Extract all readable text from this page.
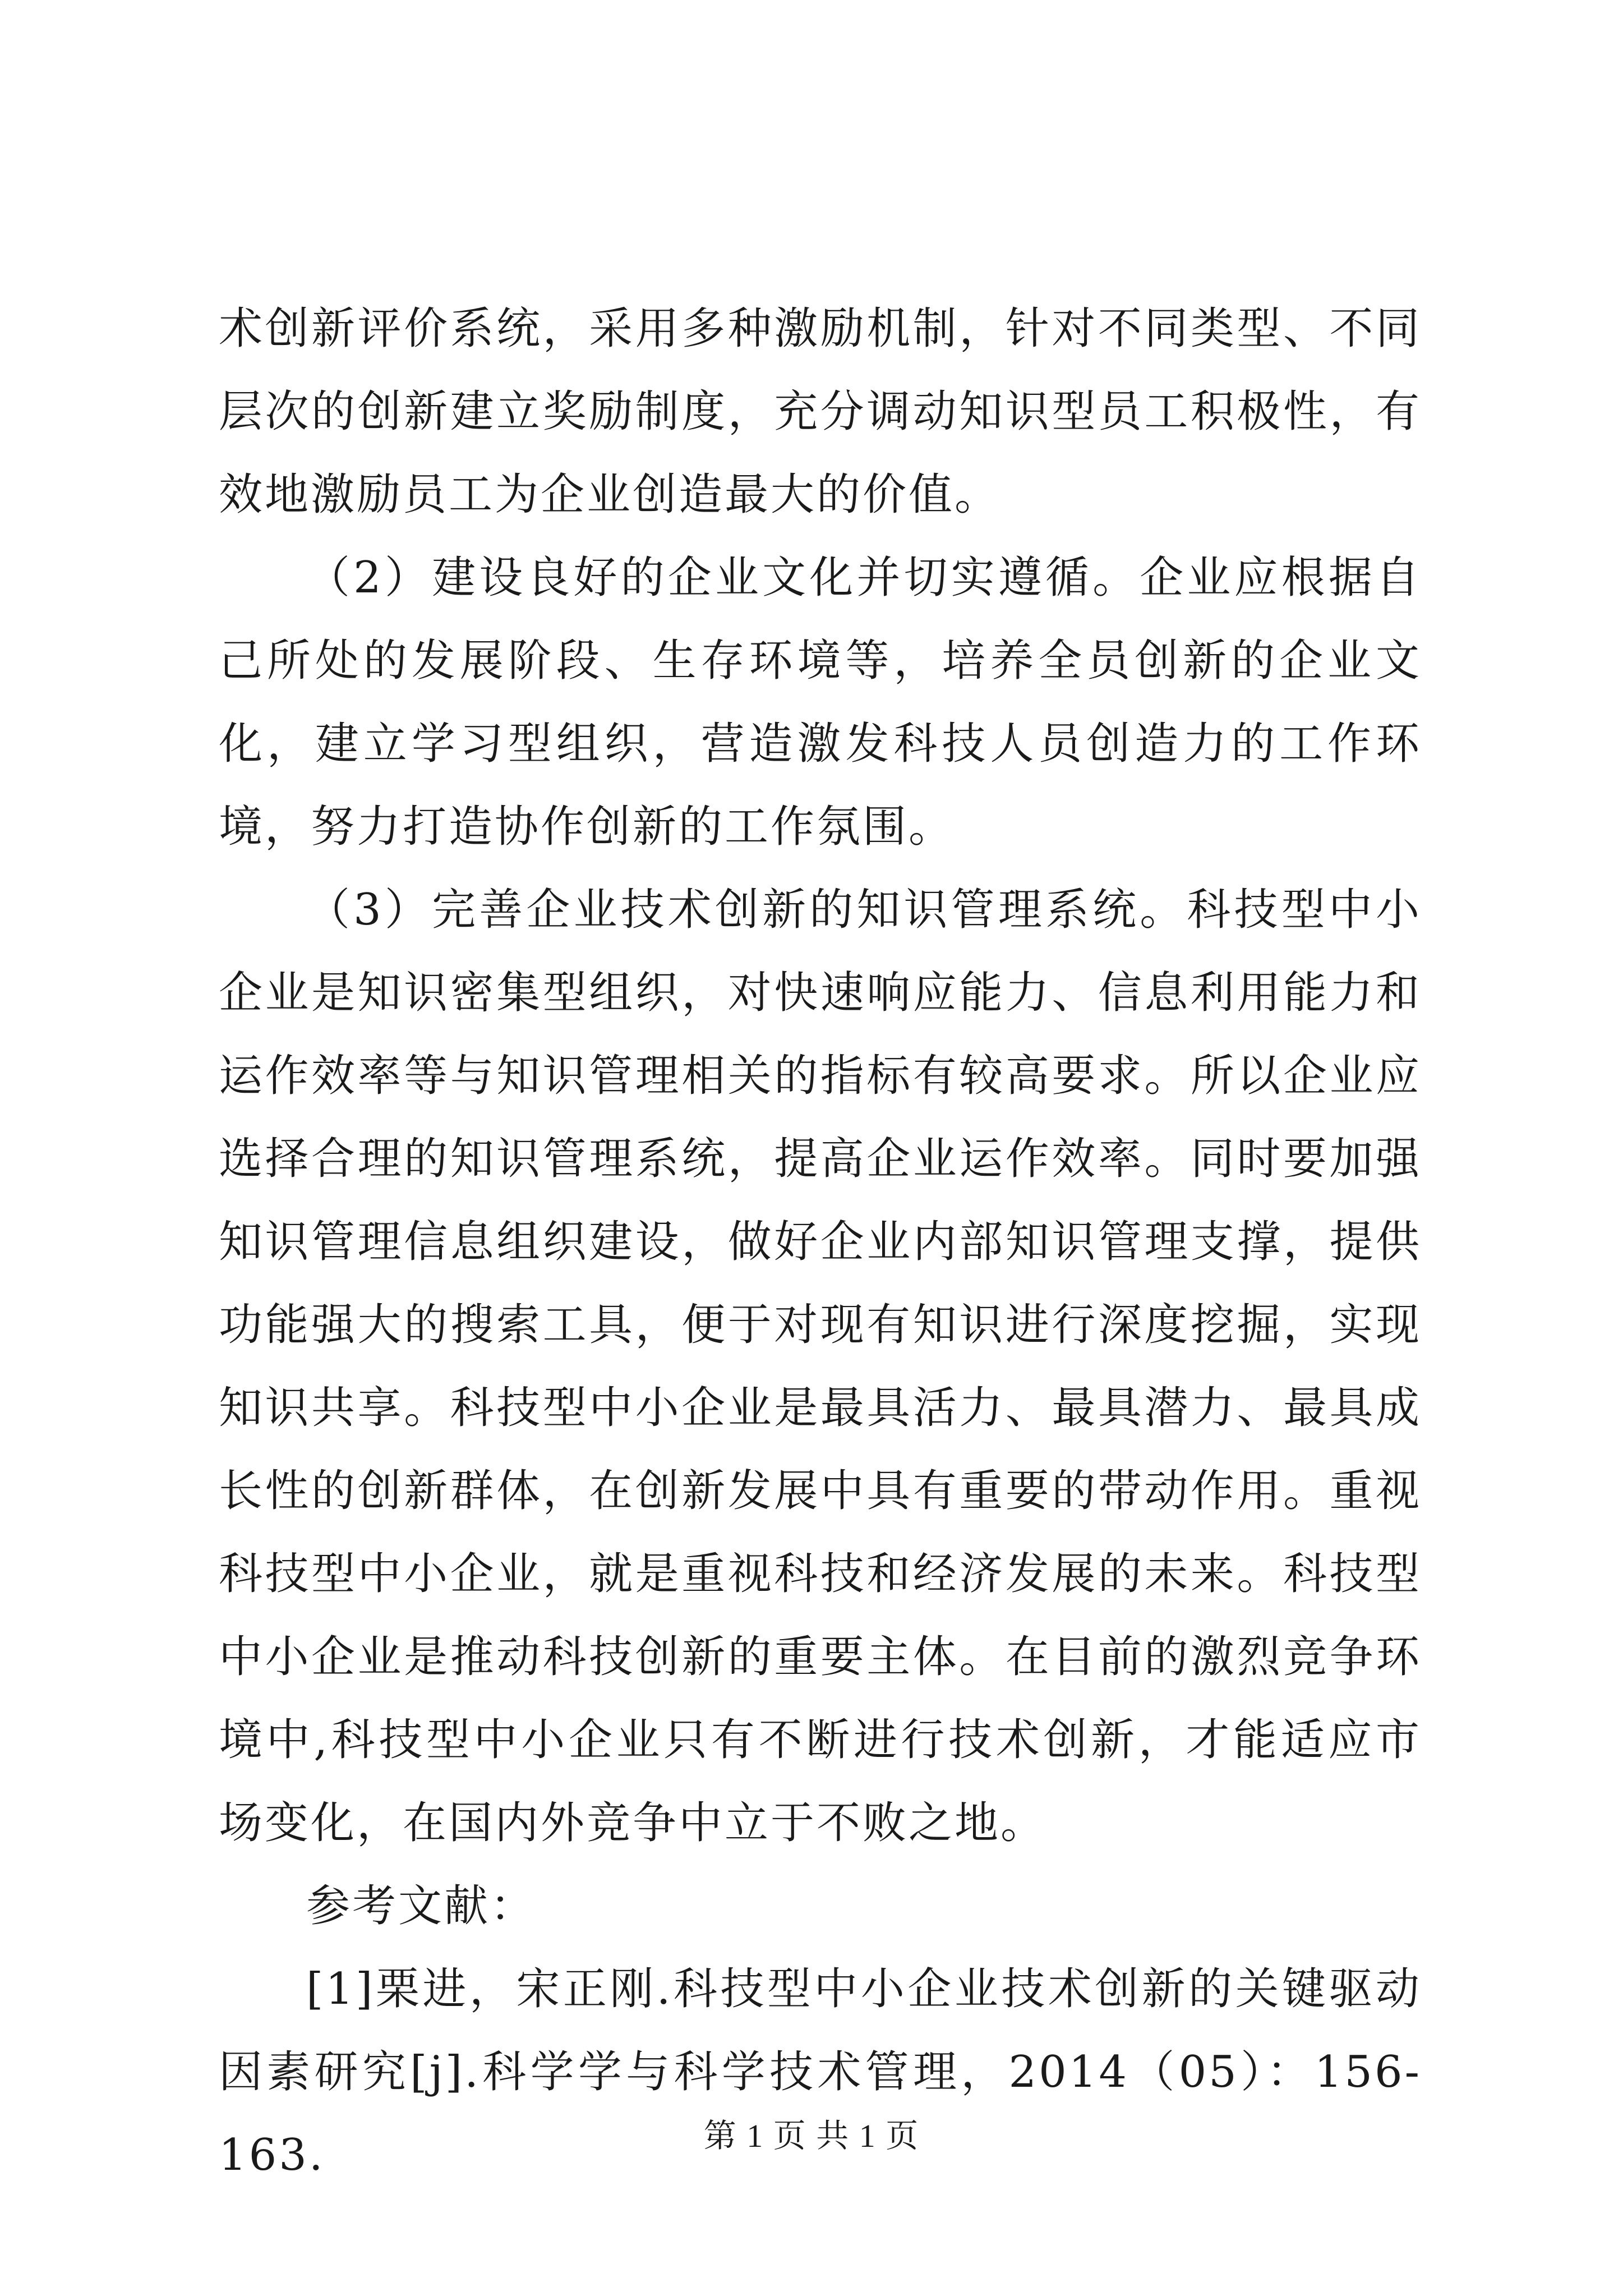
术创新评价系统，采用多种激励机制，针对不同类型、不同层次的创新建立奖励制度，充分调动知识型员工积极性，有效地激励员工为企业创造最大的价值。

（2）建设良好的企业文化并切实遵循。企业应根据自己所处的发展阶段、生存环境等，培养全员创新的企业文化，建立学习型组织，营造激发科技人员创造力的工作环境，努力打造协作创新的工作氛围。

（3）完善企业技术创新的知识管理系统。科技型中小企业是知识密集型组织，对快速响应能力、信息利用能力和运作效率等与知识管理相关的指标有较高要求。所以企业应选择合理的知识管理系统，提高企业运作效率。同时要加强知识管理信息组织建设，做好企业内部知识管理支撑，提供功能强大的搜索工具，便于对现有知识进行深度挖掘，实现知识共享。科技型中小企业是最具活力、最具潜力、最具成长性的创新群体，在创新发展中具有重要的带动作用。重视科技型中小企业，就是重视科技和经济发展的未来。科技型中小企业是推动科技创新的重要主体。在目前的激烈竞争环境中,科技型中小企业只有不断进行技术创新，才能适应市场变化，在国内外竞争中立于不败之地。

参考文献：

[1]栗进，宋正刚.科技型中小企业技术创新的关键驱动因素研究[j].科学学与科学技术管理，2014（05）：156-163.	第 1 页 共 1 页
